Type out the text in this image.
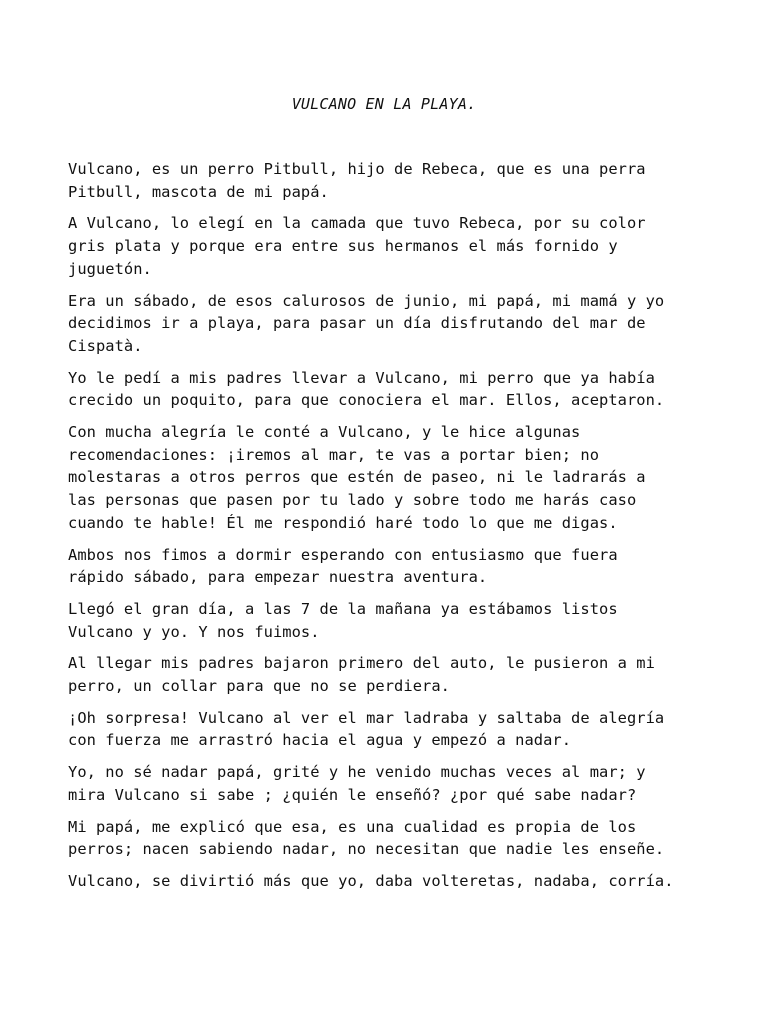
VULCANO EN LA PLAYA.
Vulcano, es un perro Pitbull, hijo de Rebeca, que es una perra
Pitbull, mascota de mi papá.
A Vulcano, lo elegí en la camada que tuvo Rebeca, por su color
gris plata y porque era entre sus hermanos el más fornido y
juguetón.
Era un sábado, de esos calurosos de junio, mi papá, mi mamá y yo
decidimos ir a playa, para pasar un día disfrutando del mar de
Cispatà.
Yo le pedí a mis padres llevar a Vulcano, mi perro que ya había
crecido un poquito, para que conociera el mar. Ellos, aceptaron.
Con mucha alegría le conté a Vulcano, y le hice algunas
recomendaciones: ¡iremos al mar, te vas a portar bien; no
molestaras a otros perros que estén de paseo, ni le ladrarás a
las personas que pasen por tu lado y sobre todo me harás caso
cuando te hable! Él me respondió haré todo lo que me digas.
Ambos nos fimos a dormir esperando con entusiasmo que fuera
rápido sábado, para empezar nuestra aventura.
Llegó el gran día, a las 7 de la mañana ya estábamos listos
Vulcano y yo. Y nos fuimos.
Al llegar mis padres bajaron primero del auto, le pusieron a mi
perro, un collar para que no se perdiera.
¡Oh sorpresa! Vulcano al ver el mar ladraba y saltaba de alegría
con fuerza me arrastró hacia el agua y empezó a nadar.
Yo, no sé nadar papá, grité y he venido muchas veces al mar; y
mira Vulcano si sabe ; ¿quién le enseñó? ¿por qué sabe nadar?
Mi papá, me explicó que esa, es una cualidad es propia de los
perros; nacen sabiendo nadar, no necesitan que nadie les enseñe.
Vulcano, se divirtió más que yo, daba volteretas, nadaba, corría.
